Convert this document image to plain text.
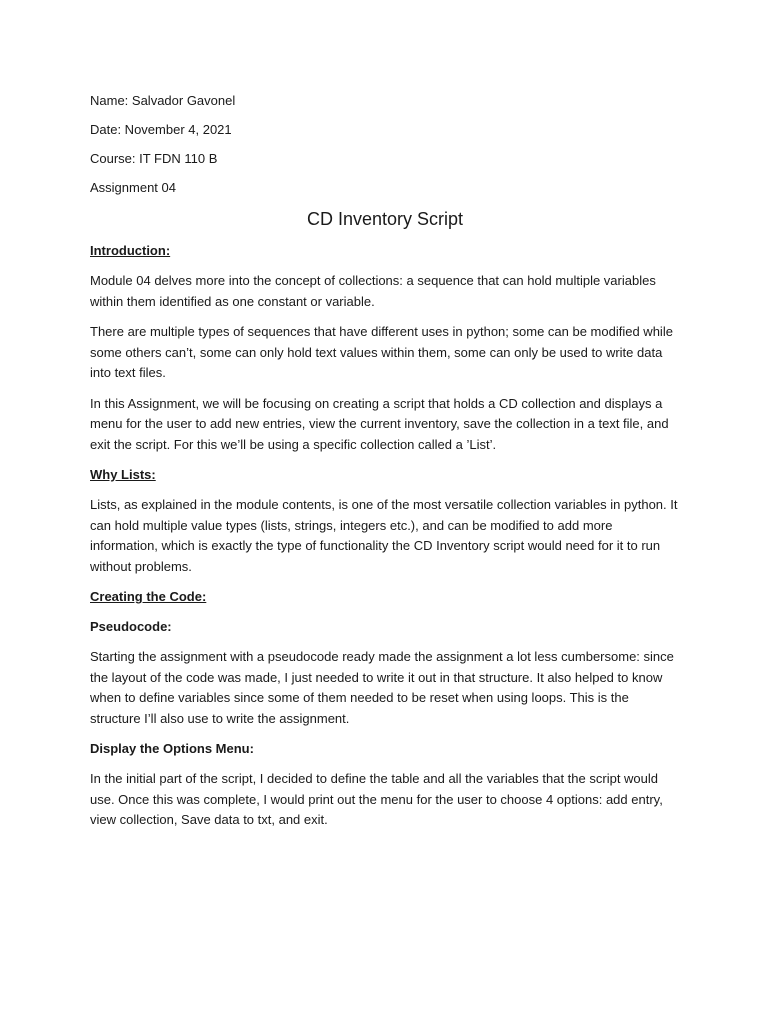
Name: Salvador Gavonel
Date: November 4, 2021
Course: IT FDN 110 B
Assignment 04
CD Inventory Script
Introduction:

Module 04 delves more into the concept of collections: a sequence that can hold multiple variables within them identified as one constant or variable.

There are multiple types of sequences that have different uses in python; some can be modified while some others can’t, some can only hold text values within them, some can only be used to write data into text files.

In this Assignment, we will be focusing on creating a script that holds a CD collection and displays a menu for the user to add new entries, view the current inventory, save the collection in a text file, and exit the script. For this we’ll be using a specific collection called a ’List’.

Why Lists:

Lists, as explained in the module contents, is one of the most versatile collection variables in python. It can hold multiple value types (lists, strings, integers etc.), and can be modified to add more information, which is exactly the type of functionality the CD Inventory script would need for it to run without problems.

Creating the Code:
Pseudocode:

Starting the assignment with a pseudocode ready made the assignment a lot less cumbersome: since the layout of the code was made, I just needed to write it out in that structure. It also helped to know when to define variables since some of them needed to be reset when using loops. This is the structure I’ll also use to write the assignment.

Display the Options Menu:

In the initial part of the script, I decided to define the table and all the variables that the script would use. Once this was complete, I would print out the menu for the user to choose 4 options: add entry, view collection, Save data to txt, and exit.
